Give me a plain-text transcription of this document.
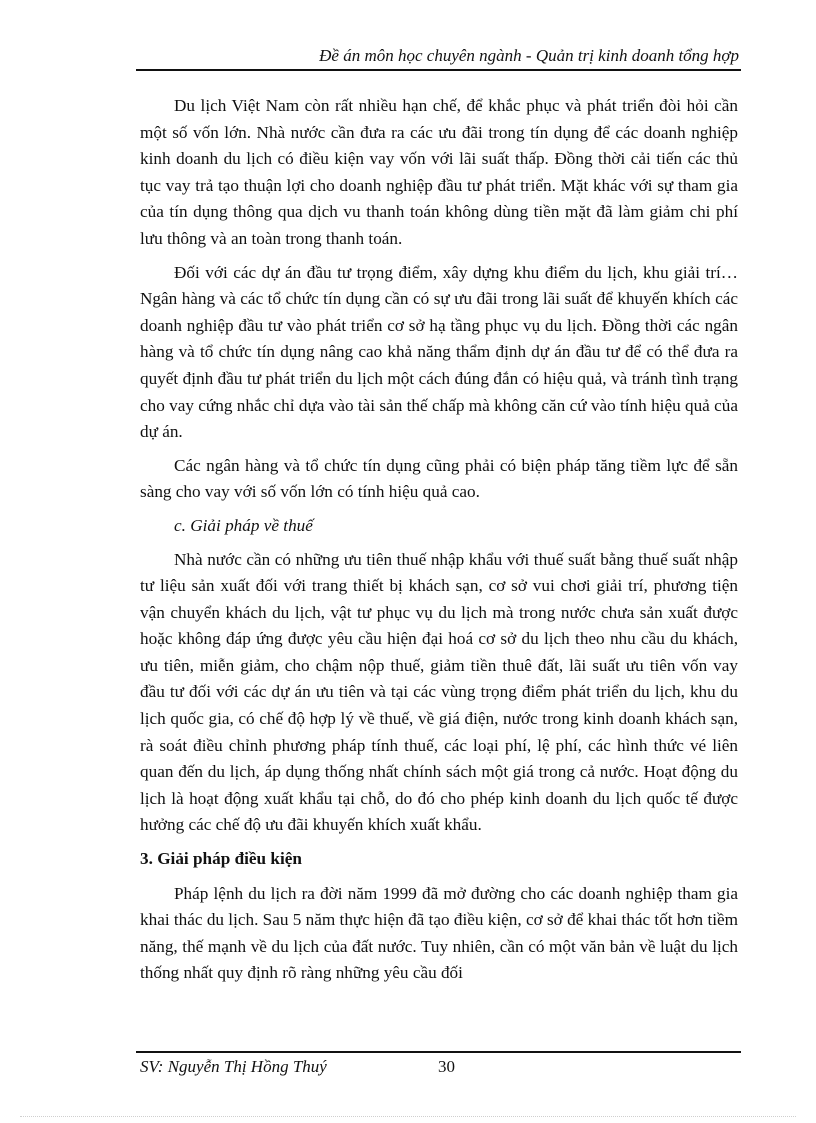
Đề án môn học chuyên ngành - Quản trị kinh doanh tổng hợp

Du lịch Việt Nam còn rất nhiều hạn chế, để khắc phục và phát triển đòi hỏi cần một số vốn lớn. Nhà nước cần đưa ra các ưu đãi trong tín dụng để các doanh nghiệp kinh doanh du lịch có điều kiện vay vốn với lãi suất thấp. Đồng thời cải tiến các thủ tục vay trả tạo thuận lợi cho doanh nghiệp đầu tư phát triển. Mặt khác với sự tham gia của tín dụng thông qua dịch vu thanh toán không dùng tiền mặt đã làm giảm chi phí lưu thông và an toàn trong thanh toán.

Đối với các dự án đầu tư trọng điểm, xây dựng khu điểm du lịch, khu giải trí… Ngân hàng và các tổ chức tín dụng cần có sự ưu đãi trong lãi suất để khuyến khích các doanh nghiệp đầu tư vào phát triển cơ sở hạ tầng phục vụ du lịch. Đồng thời các ngân hàng và tổ chức tín dụng nâng cao khả năng thẩm định dự án đầu tư để có thể đưa ra quyết định đầu tư phát triển du lịch một cách đúng đắn có hiệu quả, và tránh tình trạng cho vay cứng nhắc chỉ dựa vào tài sản thế chấp mà không căn cứ vào tính hiệu quả của dự án.

Các ngân hàng và tổ chức tín dụng cũng phải có biện pháp tăng tiềm lực để sẵn sàng cho vay với số vốn lớn có tính hiệu quả cao.

c. Giải pháp về thuế

Nhà nước cần có những ưu tiên thuế nhập khẩu với thuế suất bằng thuế suất nhập tư liệu sản xuất đối với trang thiết bị khách sạn, cơ sở vui chơi giải trí, phương tiện vận chuyển khách du lịch, vật tư phục vụ du lịch mà trong nước chưa sản xuất được hoặc không đáp ứng được yêu cầu hiện đại hoá cơ sở du lịch theo nhu cầu du khách, ưu tiên, miễn giảm, cho chậm nộp thuế, giảm tiền thuê đất, lãi suất ưu tiên vốn vay đầu tư đối với các dự án ưu tiên và tại các vùng trọng điểm phát triển du lịch, khu du lịch quốc gia, có chế độ hợp lý về thuế, về giá điện, nước trong kinh doanh khách sạn, rà soát điều chỉnh phương pháp tính thuế, các loại phí, lệ phí, các hình thức vé liên quan đến du lịch, áp dụng thống nhất chính sách một giá trong cả nước. Hoạt động du lịch là hoạt động xuất khẩu tại chỗ, do đó cho phép kinh doanh du lịch quốc tế được hưởng các chế độ ưu đãi khuyến khích xuất khẩu.

3. Giải pháp điều kiện

Pháp lệnh du lịch ra đời năm 1999 đã mở đường cho các doanh nghiệp tham gia khai thác du lịch. Sau 5 năm thực hiện đã tạo điều kiện, cơ sở để khai thác tốt hơn tiềm năng, thế mạnh về du lịch của đất nước. Tuy nhiên, cần có một văn bản về luật du lịch thống nhất quy định rõ ràng những yêu cầu đối

SV: Nguyễn Thị Hồng Thuý	30
